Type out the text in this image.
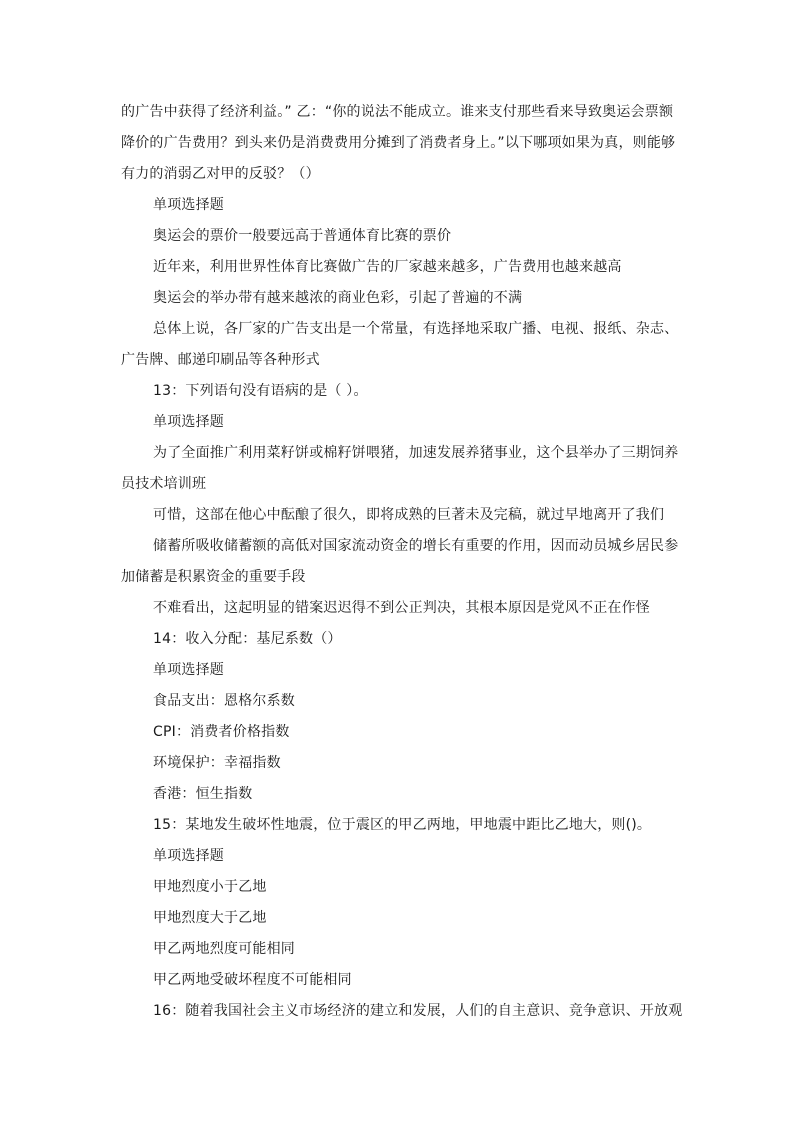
的广告中获得了经济利益。” 乙：“你的说法不能成立。谁来支付那些看来导致奥运会票额
降价的广告费用？到头来仍是消费费用分摊到了消费者身上。”以下哪项如果为真，则能够
有力的消弱乙对甲的反驳？（）
单项选择题
奥运会的票价一般要远高于普通体育比赛的票价
近年来，利用世界性体育比赛做广告的厂家越来越多，广告费用也越来越高
奥运会的举办带有越来越浓的商业色彩，引起了普遍的不满
总体上说，各厂家的广告支出是一个常量，有选择地采取广播、电视、报纸、杂志、
广告牌、邮递印刷品等各种形式
13：下列语句没有语病的是（ ）。
单项选择题
为了全面推广利用菜籽饼或棉籽饼喂猪，加速发展养猪事业，这个县举办了三期饲养
员技术培训班
可惜，这部在他心中酝酿了很久，即将成熟的巨著未及完稿，就过早地离开了我们
储蓄所吸收储蓄额的高低对国家流动资金的增长有重要的作用，因而动员城乡居民参
加储蓄是积累资金的重要手段
不难看出，这起明显的错案迟迟得不到公正判决，其根本原因是党风不正在作怪
14：收入分配：基尼系数（）
单项选择题
食品支出：恩格尔系数
CPI：消费者价格指数
环境保护：幸福指数
香港：恒生指数
15：某地发生破坏性地震，位于震区的甲乙两地，甲地震中距比乙地大，则()。
单项选择题
甲地烈度小于乙地
甲地烈度大于乙地
甲乙两地烈度可能相同
甲乙两地受破坏程度不可能相同
16：随着我国社会主义市场经济的建立和发展，人们的自主意识、竞争意识、开放观
